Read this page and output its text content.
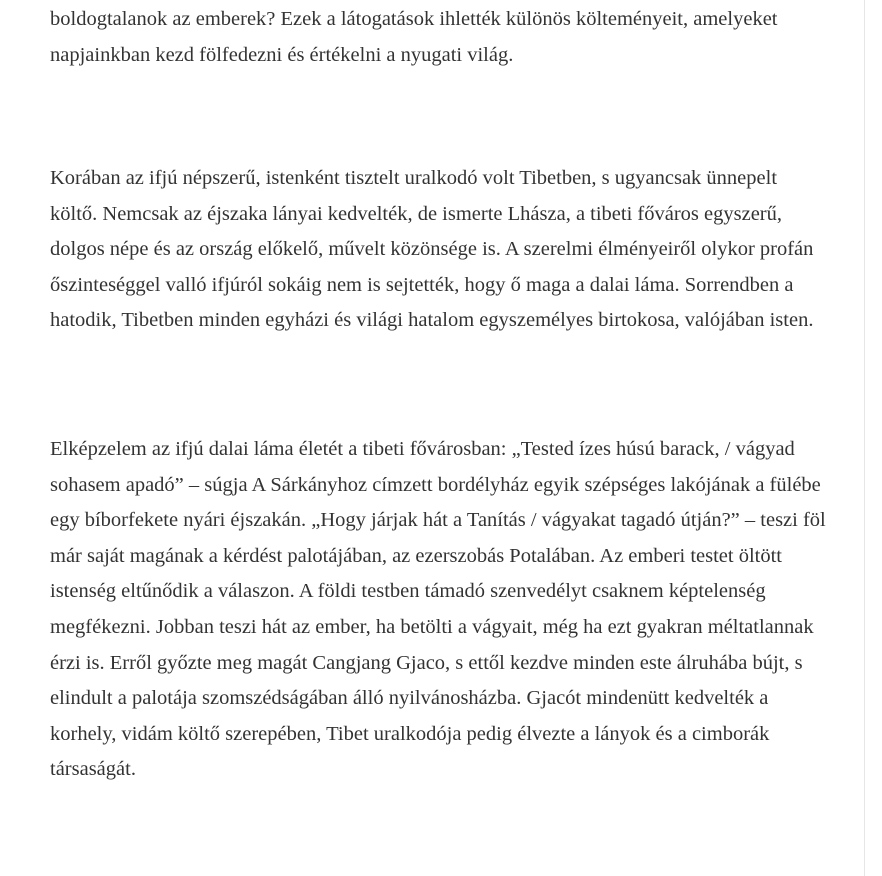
boldogtalanok az emberek? Ezek a látogatások ihlették különös költeményeit, amelyeket napjainkban kezd fölfedezni és értékelni a nyugati világ.

Korában az ifjú népszerű, istenként tisztelt uralkodó volt Tibetben, s ugyancsak ünnepelt költő. Nemcsak az éjszaka lányai kedvelték, de ismerte Lhásza, a tibeti főváros egyszerű, dolgos népe és az ország előkelő, művelt közönsége is. A szerelmi élményeiről olykor profán őszinteséggel valló ifjúról sokáig nem is sejtették, hogy ő maga a dalai láma. Sorrendben a hatodik, Tibetben minden egyházi és világi hatalom egyszemélyes birtokosa, valójában isten.

Elképzelem az ifjú dalai láma életét a tibeti fővárosban: „Tested ízes húsú barack, / vágyad sohasem apadó” – súgja A Sárkányhoz címzett bordélyház egyik szépséges lakójának a fülébe egy bíborfekete nyári éjszakán. „Hogy járjak hát a Tanítás / vágyakat tagadó útján?” – teszi föl már saját magának a kérdést palotájában, az ezerszobás Potalában. Az emberi testet öltött istenség eltűnődik a válaszon. A földi testben támadó szenvedélyt csaknem képtelenség megfékezni. Jobban teszi hát az ember, ha betölti a vágyait, még ha ezt gyakran méltatlannak érzi is. Erről győzte meg magát Cangjang Gjaco, s ettől kezdve minden este álruhába bújt, s elindult a palotája szomszédságában álló nyilvánosházba. Gjacót mindenütt kedvelték a korhely, vidám költő szerepében, Tibet uralkodója pedig élvezte a lányok és a cimborák társaságát.
